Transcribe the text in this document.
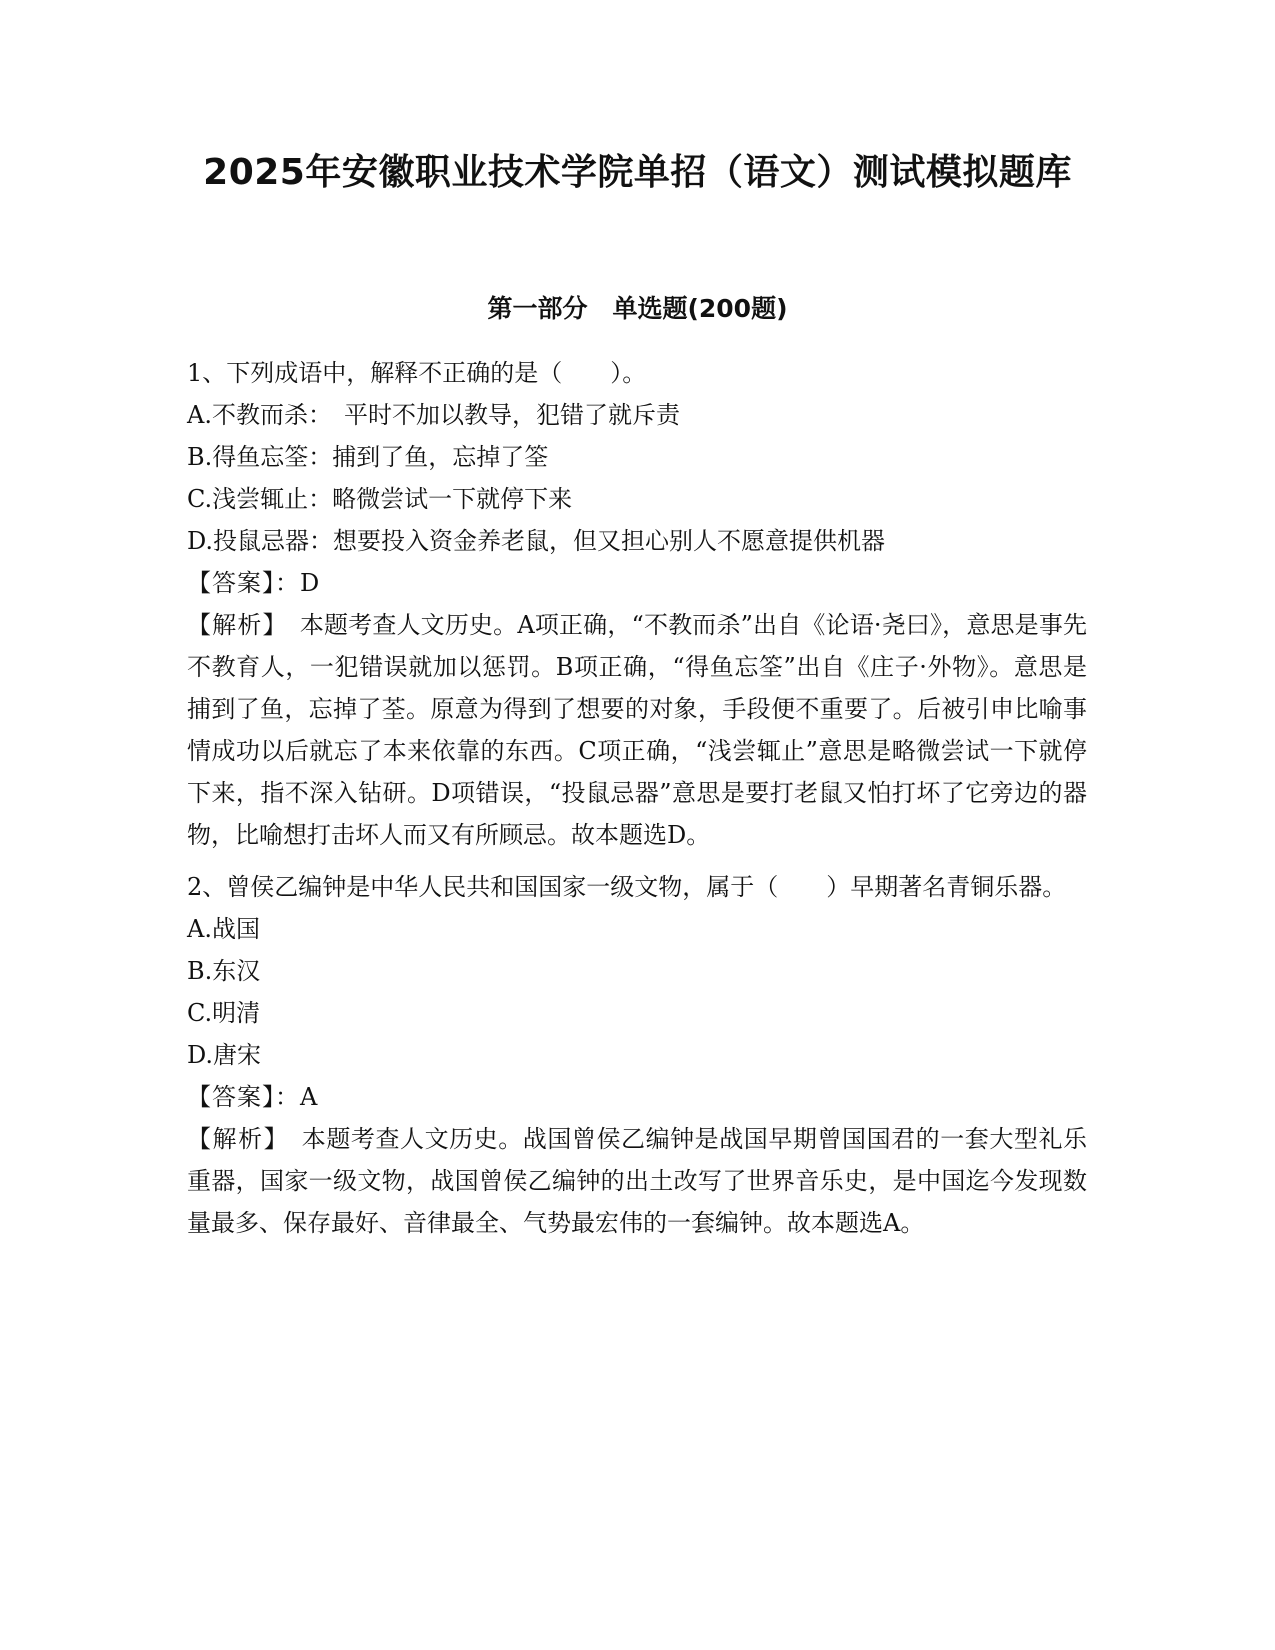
2025年安徽职业技术学院单招（语文）测试模拟题库
第一部分　单选题(200题)
1、下列成语中，解释不正确的是（　　）。
A.不教而杀：　平时不加以教导，犯错了就斥责
B.得鱼忘筌：捕到了鱼，忘掉了筌
C.浅尝辄止：略微尝试一下就停下来
D.投鼠忌器：想要投入资金养老鼠，但又担心别人不愿意提供机器
【答案】：D
【解析】　本题考查人文历史。A项正确，“不教而杀”出自《论语·尧曰》，意思是事先不教育人，一犯错误就加以惩罚。B项正确，“得鱼忘筌”出自《庄子·外物》。意思是捕到了鱼，忘掉了荃。原意为得到了想要的对象，手段便不重要了。后被引申比喻事情成功以后就忘了本来依靠的东西。C项正确，“浅尝辄止”意思是略微尝试一下就停下来，指不深入钻研。D项错误，“投鼠忌器”意思是要打老鼠又怕打坏了它旁边的器物，比喻想打击坏人而又有所顾忌。故本题选D。
2、曾侯乙编钟是中华人民共和国国家一级文物，属于（　　）早期著名青铜乐器。
A.战国
B.东汉
C.明清
D.唐宋
【答案】：A
【解析】　本题考查人文历史。战国曾侯乙编钟是战国早期曾国国君的一套大型礼乐重器，国家一级文物，战国曾侯乙编钟的出土改写了世界音乐史，是中国迄今发现数量最多、保存最好、音律最全、气势最宏伟的一套编钟。故本题选A。
